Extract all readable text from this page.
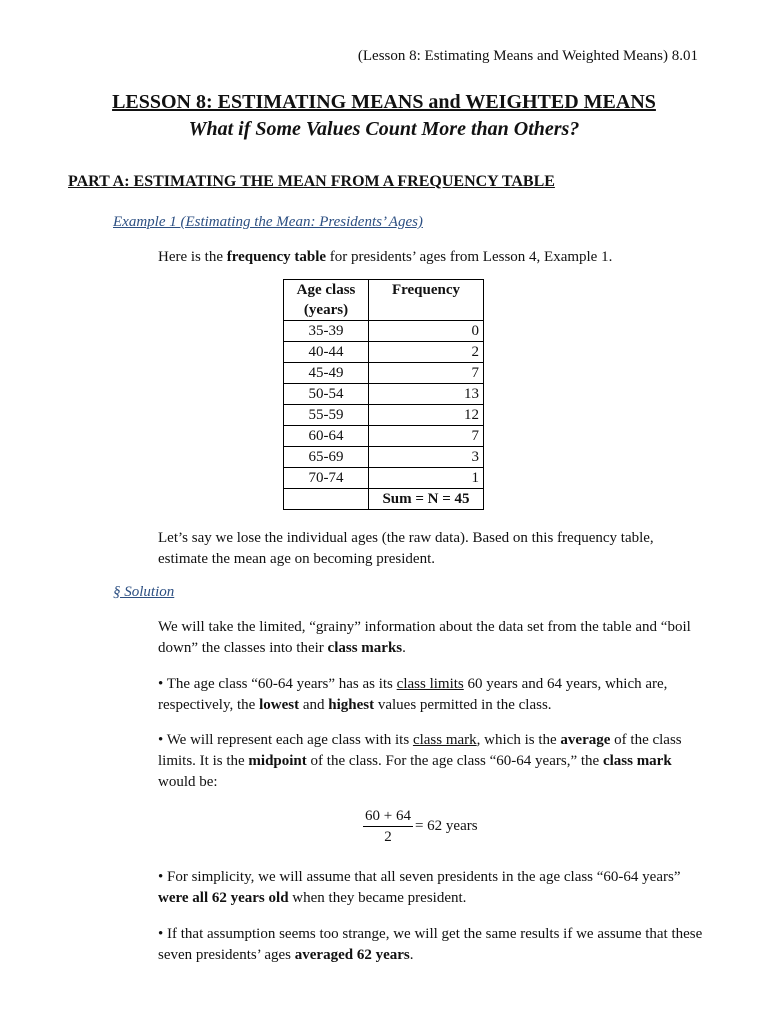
(Lesson 8: Estimating Means and Weighted Means) 8.01
LESSON 8: ESTIMATING MEANS and WEIGHTED MEANS
What if Some Values Count More than Others?
PART A: ESTIMATING THE MEAN FROM A FREQUENCY TABLE
Example 1 (Estimating the Mean: Presidents’ Ages)
Here is the frequency table for presidents’ ages from Lesson 4, Example 1.
Age class
(years)	Frequency
35-39	0
40-44	2
45-49	7
50-54	13
55-59	12
60-64	7
65-69	3
70-74	1
	Sum = N = 45
Let’s say we lose the individual ages (the raw data). Based on this frequency table, estimate the mean age on becoming president.
§ Solution
We will take the limited, “grainy” information about the data set from the table and “boil down” the classes into their class marks.
• The age class “60-64 years” has as its class limits 60 years and 64 years, which are, respectively, the lowest and highest values permitted in the class.
• We will represent each age class with its class mark, which is the average of the class limits. It is the midpoint of the class. For the age class “60-64 years,” the class mark would be:
$\frac{60 + 64}{2} = 62$ years
• For simplicity, we will assume that all seven presidents in the age class “60-64 years” were all 62 years old when they became president.
• If that assumption seems too strange, we will get the same results if we assume that these seven presidents’ ages averaged 62 years.
